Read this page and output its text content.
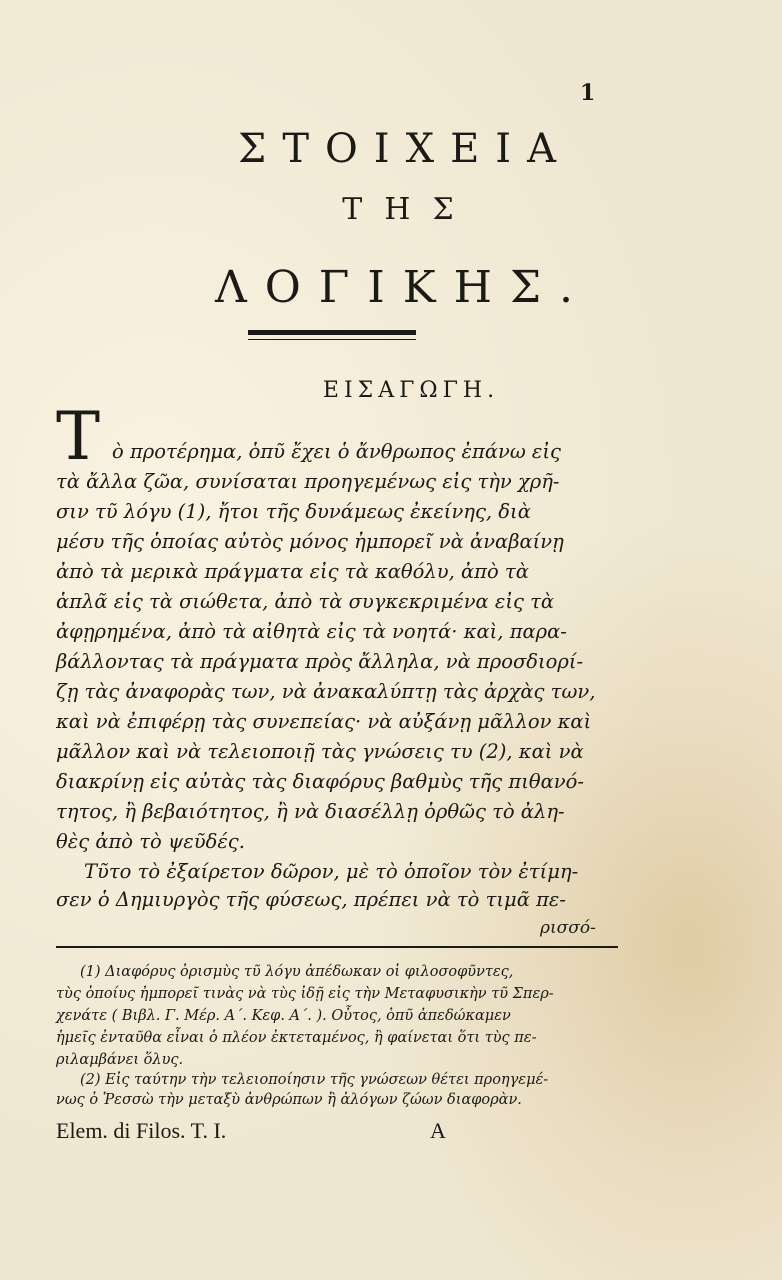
1
ΣΤΟΙΧΕΙΑ
ΤΗΣ
ΛΟΓΙΚΗΣ.
ΕΙΣΑΓΩΓΗ.
Τ ὸ προτέρημα, ὁπῦ ἔχει ὁ ἄνθρωπος ἐπάνω εἰς
τὰ ἄλλα ζῶα, συνίσαται προηγεμένως εἰς τὴν χρῆ-
σιν τῦ λόγυ (1), ἤτοι τῆς δυνάμεως ἐκείνης, διὰ
μέσυ τῆς ὁποίας αὐτὸς μόνος ἠμπορεῖ νὰ ἀναβαίνῃ
ἀπὸ τὰ μερικὰ πράγματα εἰς τὰ καθόλυ, ἀπὸ τὰ
ἁπλᾶ εἰς τὰ σιώθετα, ἀπὸ τὰ συγκεκριμένα εἰς τὰ
ἀφῃρημένα, ἀπὸ τὰ αἰθητὰ εἰς τὰ νοητά· καὶ, παρα-
βάλλοντας τὰ πράγματα πρὸς ἄλληλα, νὰ προσδιορί-
ζῃ τὰς ἀναφορὰς των, νὰ ἀνακαλύπτῃ τὰς ἀρχὰς των,
καὶ νὰ ἐπιφέρῃ τὰς συνεπείας· νὰ αὐξάνῃ μᾶλλον καὶ
μᾶλλον καὶ νὰ τελειοποιῇ τὰς γνώσεις τυ (2), καὶ νὰ
διακρίνῃ εἰς αὐτὰς τὰς διαφόρυς βαθμὺς τῆς πιθανό-
τητος, ἢ βεβαιότητος, ἢ νὰ διασέλλῃ ὀρθῶς τὸ ἀλη-
θὲς ἀπὸ τὸ ψεῦδές.
Τῦτο τὸ ἐξαίρετον δῶρον, μὲ τὸ ὁποῖον τὸν ἐτίμη-
σεν ὁ Δημιυργὸς τῆς φύσεως, πρέπει νὰ τὸ τιμᾶ πε-
ρισσό-
(1) Διαφόρυς ὁρισμὺς τῦ λόγυ ἀπέδωκαν οἱ φιλοσοφῦντες,
τὺς ὁποίυς ἠμπορεῖ τινὰς νὰ τὺς ἰδῇ εἰς τὴν Μεταφυσικὴν τῦ Σπερ-
χενάτε ( Βιβλ. Γ. Μέρ. Α΄. Κεφ. Α΄. ). Οὗτος, ὁπῦ ἀπεδώκαμεν
ἡμεῖς ἐνταῦθα εἶναι ὁ πλέον ἐκτεταμένος, ἢ φαίνεται ὅτι τὺς πε-
ριλαμβάνει ὅλυς.
(2) Εἰς ταύτην τὴν τελειοποίησιν τῆς γνώσεων θέτει προηγεμέ-
νως ὁ Ῥεσσὼ τὴν μεταξὺ ἀνθρώπων ἢ ἀλόγων ζώων διαφορὰν.
Elem. di Filos. T. I.	A
